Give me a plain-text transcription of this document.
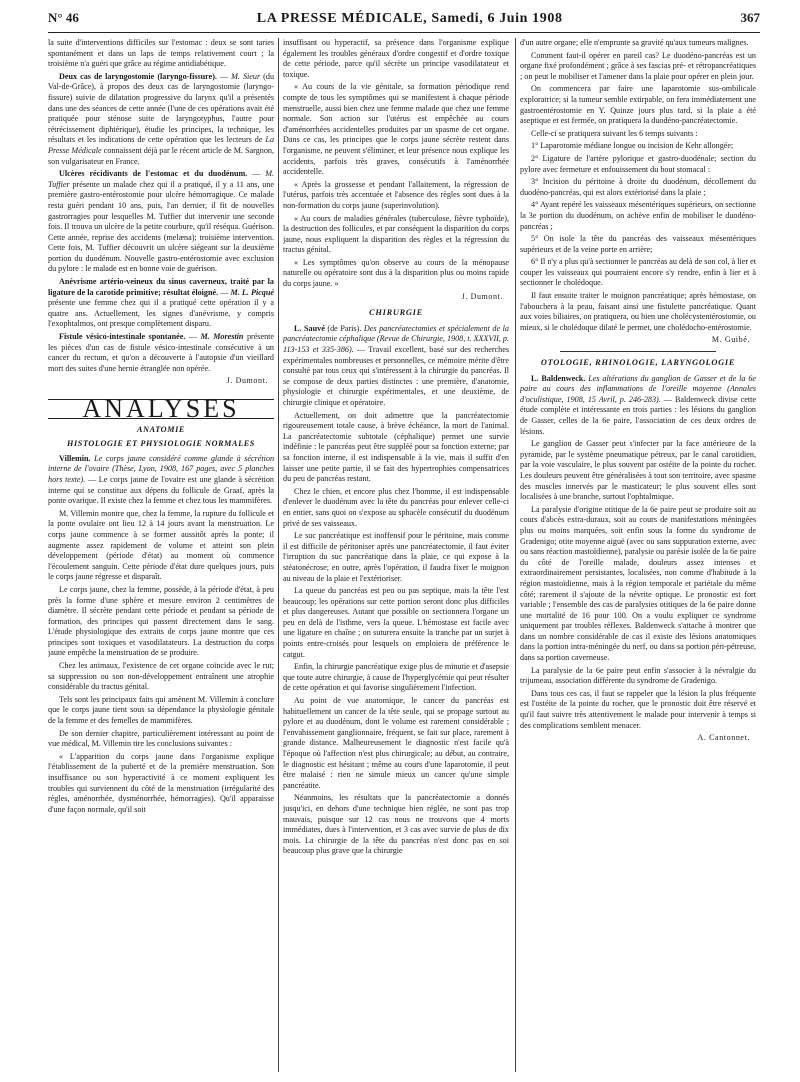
N° 46	LA PRESSE MÉDICALE, Samedi, 6 Juin 1908	367

la suite d'interventions difficiles sur l'estomac : deux se sont taries spontanément et dans un laps de temps relativement court ; la troisième n'a guéri que grâce au régime antidiabétique.

Deux cas de laryngostomie (laryngo-fissure). — M. Sieur (du Val-de-Grâce), à propos des deux cas de laryngostomie (laryngo-fissure) suivie de dilatation progressive du larynx qu'il a présentés dans une des séances de cette année (l'une de ces opérations avait été pratiquée pour sténose suite de laryngotyphus, l'autre pour rétrécissement diphtérique), étudie les principes, la technique, les résultats et les indications de cette opération que les lecteurs de La Presse Médicale connaissent déjà par le récent article de M. Sargnon, son vulgarisateur en France.

Ulcères récidivants de l'estomac et du duodénum. — M. Tuffier présente un malade chez qui il a pratiqué, il y a 11 ans, une première gastro-entérostomie pour ulcère hémorragique. Ce malade resta guéri pendant 10 ans, puis, l'an dernier, il fit de nouvelles gastrorragies pour lesquelles M. Tuffier dut intervenir une seconde fois. Il trouva un ulcère de la petite courbure, qu'il réséqua. Guérison. Cette année, reprise des accidents (melæna); troisième intervention. Cette fois, M. Tuffier découvrit un ulcère siégeant sur la deuxième portion du duodénum. Nouvelle gastro-entérostomie avec exclusion du pylore : le malade est en bonne voie de guérison.

Anévrisme artério-veineux du sinus caverneux, traité par la ligature de la carotide primitive; résultat éloigné. — M. L. Picqué présente une femme chez qui il a pratiqué cette opération il y a quatre ans. Actuellement, les signes d'anévrisme, y compris l'exophtalmos, ont presque complètement disparu.

Fistule vésico-intestinale spontanée. — M. Morestin présente les pièces d'un cas de fistule vésico-intestinale consécutive à un cancer du rectum, et qu'on a découverte à l'autopsie d'un vieillard mort des suites d'une hernie étranglée non opérée.

J. Dumont.
ANALYSES
ANATOMIE
HISTOLOGIE ET PHYSIOLOGIE NORMALES

Villemin. Le corps jaune considéré comme glande à sécrétion interne de l'ovaire (Thèse, Lyon, 1908, 167 pages, avec 5 planches hors texte). — Le corps jaune de l'ovaire est une glande à sécrétion interne qui se constitue aux dépens du follicule de Graaf, après la ponte ovarique. Il existe chez la femme et chez tous les mammifères.

M. Villemin montre que, chez la femme, la rupture du follicule et la ponte ovulaire ont lieu 12 à 14 jours avant la menstruation. Le corps jaune commence à se former aussitôt après la ponte; il augmente assez rapidement de volume et atteint son plein développement (période d'état) au moment où commence l'écoulement sanguin. Cette période d'état dure quelques jours, puis le corps jaune régresse et disparaît.

Le corps jaune, chez la femme, possède, à la période d'état, à peu près la forme d'une sphère et mesure environ 2 centimètres de diamètre. Il sécrète pendant cette période et pendant sa période de formation, des principes qui passent directement dans le sang. L'étude physiologique des extraits de corps jaune montre que ces principes sont toxiques et vasodilatateurs. La destruction du corps jaune empêche la menstruation de se produire.

Chez les animaux, l'existence de cet organe coïncide avec le rut; sa suppression ou son non-développement entraînent une atrophie considérable du tractus génital.

Tels sont les principaux faits qui amènent M. Villemin à conclure que le corps jaune tient sous sa dépendance la physiologie génitale de la femme et des femelles de mammifères.

De son dernier chapitre, particulièrement intéressant au point de vue médical, M. Villemin tire les conclusions suivantes :

« L'apparition du corps jaune dans l'organisme explique l'établissement de la puberté et de la première menstruation. Son insuffisance ou son hyperactivité à ce moment expliquent les troubles qui surviennent du côté de la menstruation (irrégularité des règles, aménorrhée, dysménorrhée, hémorragies). Qu'il apparaisse d'une façon normale, qu'il soit

insuffisant ou hyperactif, sa présence dans l'organisme explique également les troubles généraux d'ordre congestif et d'ordre toxique de cette période, parce qu'il sécrète un principe vasodilatateur et toxique.

« Au cours de la vie génitale, sa formation périodique rend compte de tous les symptômes qui se manifestent à chaque période menstruelle, aussi bien chez une femme malade que chez une femme normale. Son action sur l'utérus est empêchée au cours d'aménorrhées accidentelles produites par un spasme de cet organe. Dans ce cas, les principes que le corps jaune sécrète restent dans l'organisme, ne peuvent s'éliminer, et leur présence nous explique les accidents, parfois très graves, consécutifs à l'aménorrhée accidentelle.

« Après la grossesse et pendant l'allaitement, la régression de l'utérus, parfois très accentuée et l'absence des règles sont dues à la non-formation du corps jaune (superinvolution).

« Au cours de maladies générales (tuberculose, fièvre typhoïde), la destruction des follicules, et par conséquent la disparition du corps jaune, nous expliquent la disparition des règles et la régression du tractus génital.

« Les symptômes qu'on observe au cours de la ménopause naturelle ou opératoire sont dus à la disparition plus ou moins rapide du corps jaune. »

J. Dumont.
CHIRURGIE

L. Sauvé (de Paris). Des pancréatectomies et spécialement de la pancréatectomie céphalique (Revue de Chirurgie, 1908, t. XXXVII, p. 113-153 et 335-386). — Travail excellent, basé sur des recherches expérimentales nombreuses et personnelles, ce mémoire mérite d'être consulté par tous ceux qui s'intéressent à la chirurgie du pancréas. Il se compose de deux parties distinctes : une première, d'anatomie, physiologie et chirurgie expérimentales, et une deuxième, de chirurgie clinique et opératoire.

Actuellement, on doit admettre que la pancréatectomie rigoureusement totale cause, à brève échéance, la mort de l'animal. La pancréatectomie subtotale (céphalique) permet une survie indéfinie : le pancréas peut être suppléé pour sa fonction externe; par sa fonction interne, il est indispensable à la vie, mais il suffit d'en laisser une petite partie, il se fait des hypertrophies compensatrices du peu de pancréas restant.

Chez le chien, et encore plus chez l'homme, il est indispensable d'enlever le duodénum avec la tête du pancréas pour enlever celle-ci en entier, sans quoi on s'expose au sphacèle consécutif du duodénum privé de ses vaisseaux.

Le suc pancréatique est inoffensif pour le péritoine, mais comme il est difficile de péritoniser après une pancréatectomie, il faut éviter l'irruption du suc pancréatique dans la plaie, ce qui expose à la stéatonécrose; en outre, après l'opération, il faudra fixer le moignon au niveau de la plaie et l'extérioriser.

La queue du pancréas est peu ou pas septique, mais la tête l'est beaucoup; les opérations sur cette portion seront donc plus difficiles et plus dangereuses. Autant que possible on sectionnera l'organe un peu en delà de l'isthme, vers la queue. L'hémostase est facile avec une ligature en chaîne ; on suturera ensuite la tranche par un surjet à points entre-croisés pour lesquels on emploiera de préférence le catgut.

Enfin, la chirurgie pancréatique exige plus de minutie et d'asepsie que toute autre chirurgie, à cause de l'hyperglycémie qui peut résulter de cette opération et qui favorise singulièrement l'infection.

Au point de vue anatomique, le cancer du pancréas est habituellement un cancer de la tête seule, qui se propage surtout au pylore et au duodénum, dont le volume est rarement considérable ; l'envahissement ganglionnaire, fréquent, se fait sur place, rarement à grande distance. Malheureusement le diagnostic n'est facile qu'à l'époque où l'affection n'est plus chirurgicale; au début, au contraire, le diagnostic est hésitant ; même au cours d'une laparotomie, il peut être malaisé : rien ne simule mieux un cancer qu'une simple pancréatite.

Néanmoins, les résultats que la pancréatectomie a donnés jusqu'ici, en dehors d'une technique bien réglée, ne sont pas trop mauvais, puisque sur 12 cas nous ne trouvons que 4 morts immédiates, dues à l'intervention, et 3 cas avec survie de plus de dix mois. La chirurgie de la tête du pancréas n'est donc pas en soi beaucoup plus grave que la chirurgie

d'un autre organe; elle n'emprunte sa gravité qu'aux tumeurs malignes.

Comment faut-il opérer en pareil cas? Le duodéno-pancréas est un organe fixé profondément ; grâce à ses fascias pré- et rétropancréatiques ; on peut le mobiliser et l'amener dans la plaie pour opérer en plein jour.

On commencera par faire une laparotomie sus-ombilicale exploratrice; si la tumeur semble extirpable, on fera immédiatement une gastroentérostomie en Y. Quinze jours plus tard, si la plaie a été aseptique et est fermée, on pratiquera la duodéno-pancréatectomie.

Celle-ci se pratiquera suivant les 6 temps suivants :

1° Laparotomie médiane longue ou incision de Kehr allongée;

2° Ligature de l'artère pylorique et gastro-duodénale; section du pylore avec fermeture et enfouissement du bout stomacal :

3° Incision du péritoine à droite du duodénum, décollement du duodéno-pancréas, qui est alors extériorisé dans la plaie ;

4° Ayant repéré les vaisseaux mésentériques supérieurs, on sectionne la 3e portion du duodénum, on achève enfin de mobiliser le duodéno-pancréas ;

5° On isole la tête du pancréas des vaisseaux mésentériques supérieurs et de la veine porte en arrière;

6° Il n'y a plus qu'à sectionner le pancréas au delà de son col, à lier et couper les vaisseaux qui pourraient encore s'y rendre, enfin à lier et à sectionner le cholédoque.

Il faut ensuite traiter le moignon pancréatique; après hémostase, on l'abouchera à la peau, faisant ainsi une fistulette pancréatique. Quant aux voies biliaires, on pratiquera, ou bien une cholécystentérostomie, ou mieux, si le cholédoque dilaté le permet, une cholédocho-entérostomie.

M. Guibé.
OTOLOGIE, RHINOLOGIE, LARYNGOLOGIE

L. Baldenweck. Les altérations du ganglion de Gasser et de la 6e paire au cours des inflammations de l'oreille moyenne (Annales d'oculistique, 1908, 15 Avril, p. 246-283). — Baldenweck divise cette étude complète et intéressante en trois parties : les lésions du ganglion de Gasser, celles de la 6e paire, l'association de ces deux ordres de lésions.

Le ganglion de Gasser peut s'infecter par la face antérieure de la pyramide, par le système pneumatique pétreux, par le canal carotidien, par la voie vasculaire, le plus souvent par ostéite de la pointe du rocher. Les douleurs peuvent être généralisées à tout son territoire, avec spasme des muscles innervés par le masticateur; le plus souvent elles sont localisées à une branche, surtout l'ophtalmique.

La paralysie d'origine otitique de la 6e paire peut se produire soit au cours d'abcès extra-duraux, soit au cours de manifestations méningées plus ou moins marquées, soit enfin sous la forme du syndrome de Gradenigo; otite moyenne aiguë (avec ou sans suppuration externe, avec ou sans réaction mastoïdienne), paralysie ou parésie isolée de la 6e paire du côté de l'oreille malade, douleurs assez intenses et extraordinairement persistantes, localisées, non comme d'habitude à la région mastoïdienne, mais à la région temporale et pariétale du même côté; rarement il s'ajoute de la névrite optique. Le pronostic est fort variable ; l'ensemble des cas de paralysies otitiques de la 6e paire donne une mortalité de 16 pour 100. On a voulu expliquer ce syndrome uniquement par troubles réflexes. Baldenweck s'attache à montrer que dans un nombre considérable de cas il existe des lésions anatomiques dans la portion intra-méningée du nerf, ou dans sa portion péri-pétreuse, dans sa portion caverneuse.

La paralysie de la 6e paire peut enfin s'associer à la névralgie du trijumeau, association différente du syndrome de Gradenigo.

Dans tous ces cas, il faut se rappeler que la lésion la plus fréquente est l'ostéite de la pointe du rocher, que le pronostic doit être réservé et qu'il faut suivre très attentivement le malade pour intervenir à temps si des complications semblent menacer.

A. Cantonnet.
